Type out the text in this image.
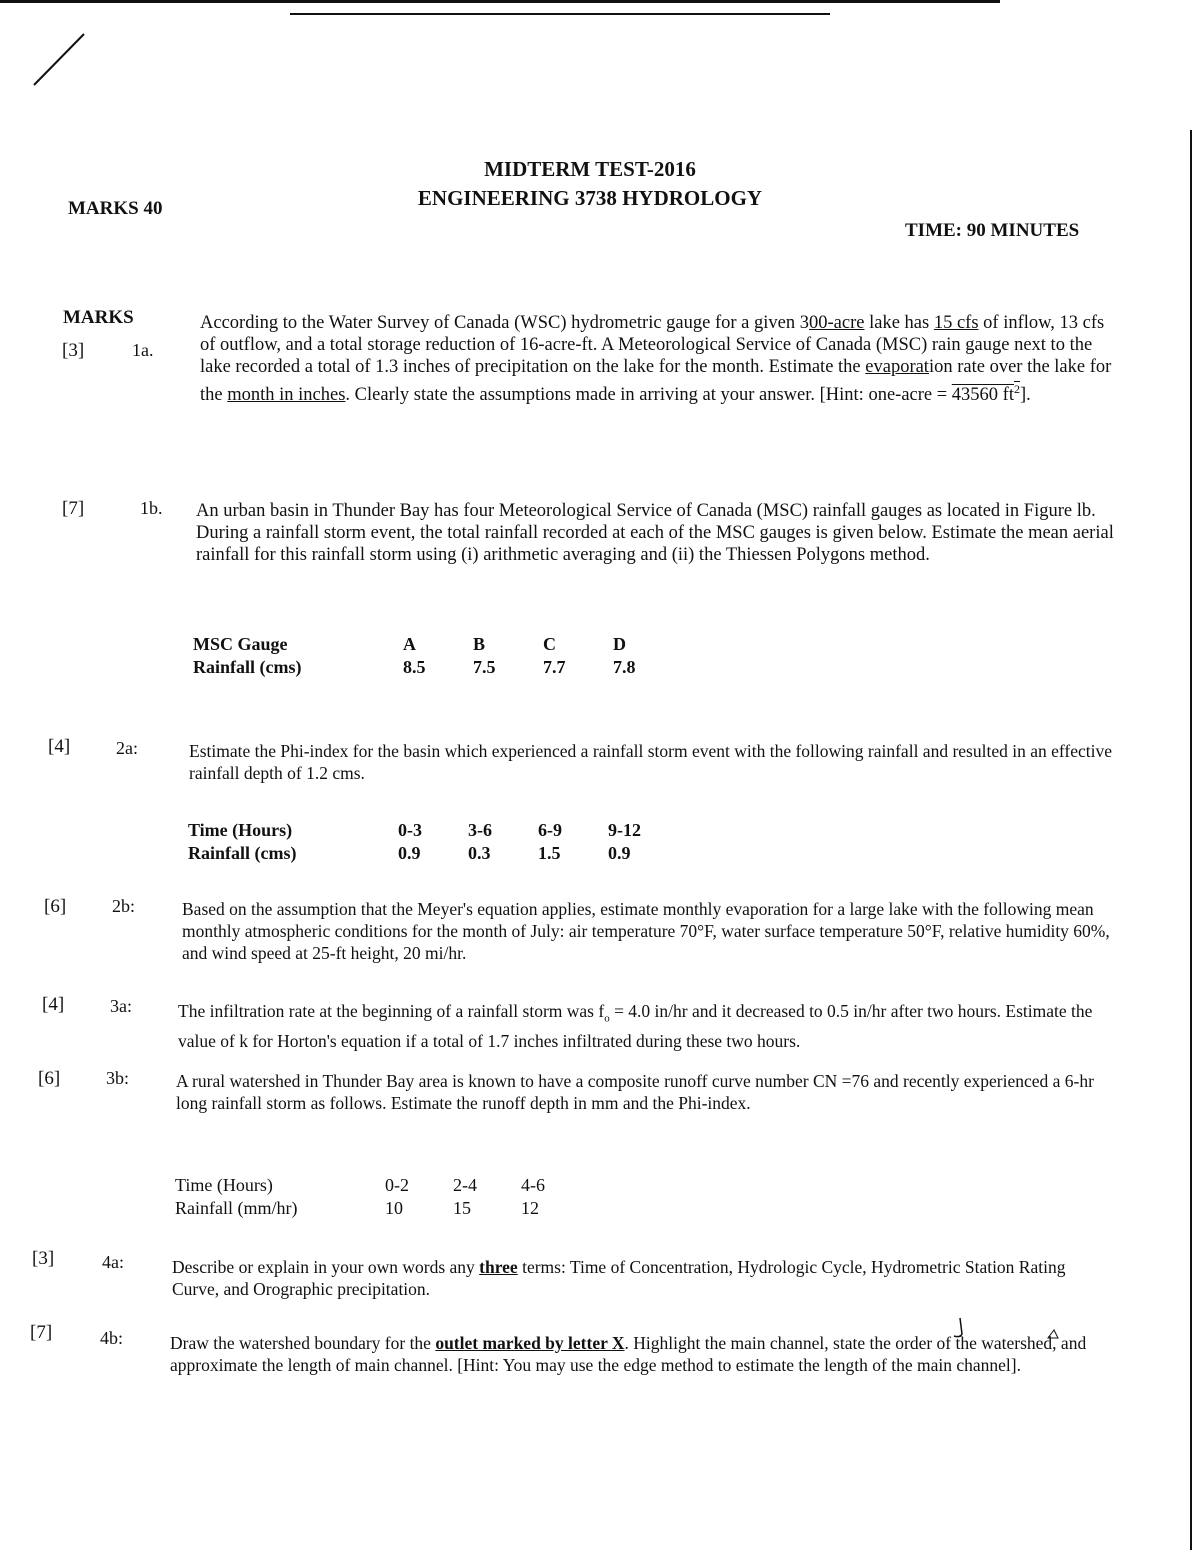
MIDTERM TEST-2016
ENGINEERING 3738 HYDROLOGY
MARKS 40
TIME: 90 MINUTES
MARKS
[3]	1a.
According to the Water Survey of Canada (WSC) hydrometric gauge for a given 300-acre lake has 15 cfs of inflow, 13 cfs of outflow, and a total storage reduction of 16-acre-ft. A Meteorological Service of Canada (MSC) rain gauge next to the lake recorded a total of 1.3 inches of precipitation on the lake for the month. Estimate the evaporation rate over the lake for the month in inches. Clearly state the assumptions made in arriving at your answer. [Hint: one-acre = 43560 $ft^2$].
[7]	1b. An urban basin in Thunder Bay has four Meteorological Service of Canada (MSC) rainfall gauges as located in Figure lb. During a rainfall storm event, the total rainfall recorded at each of the MSC gauges is given below. Estimate the mean aerial rainfall for this rainfall storm using (i) arithmetic averaging and (ii) the Thiessen Polygons method.
MSC Gauge	A	B	C	D
Rainfall (cms)	8.5	7.5	7.7	7.8
[4]	2a:	Estimate the Phi-index for the basin which experienced a rainfall storm event with the following rainfall and resulted in an effective rainfall depth of 1.2 cms.
Time (Hours)	0-3	3-6	6-9	9-12
Rainfall (cms)	0.9	0.3	1.5	0.9
[6]	2b:	Based on the assumption that the Meyer's equation applies, estimate monthly evaporation for a large lake with the following mean monthly atmospheric conditions for the month of July: air temperature 70°F, water surface temperature 50°F, relative humidity 60%, and wind speed at 25-ft height, 20 mi/hr.
[4]	3a:	The infiltration rate at the beginning of a rainfall storm was $f_o = 4.0$ in/hr and it decreased to 0.5 in/hr after two hours. Estimate the value of k for Horton's equation if a total of 1.7 inches infiltrated during these two hours.
[6]	3b:	A rural watershed in Thunder Bay area is known to have a composite runoff curve number CN =76 and recently experienced a 6-hr long rainfall storm as follows. Estimate the runoff depth in mm and the Phi-index.
Time (Hours)	0-2	2-4	4-6
Rainfall (mm/hr)	10	15	12
[3]	4a:	Describe or explain in your own words any three terms: Time of Concentration, Hydrologic Cycle, Hydrometric Station Rating Curve, and Orographic precipitation.
[7]	4b:	Draw the watershed boundary for the outlet marked by letter X. Highlight the main channel, state the order of the watershed, and approximate the length of main channel. [Hint: You may use the edge method to estimate the length of the main channel].
